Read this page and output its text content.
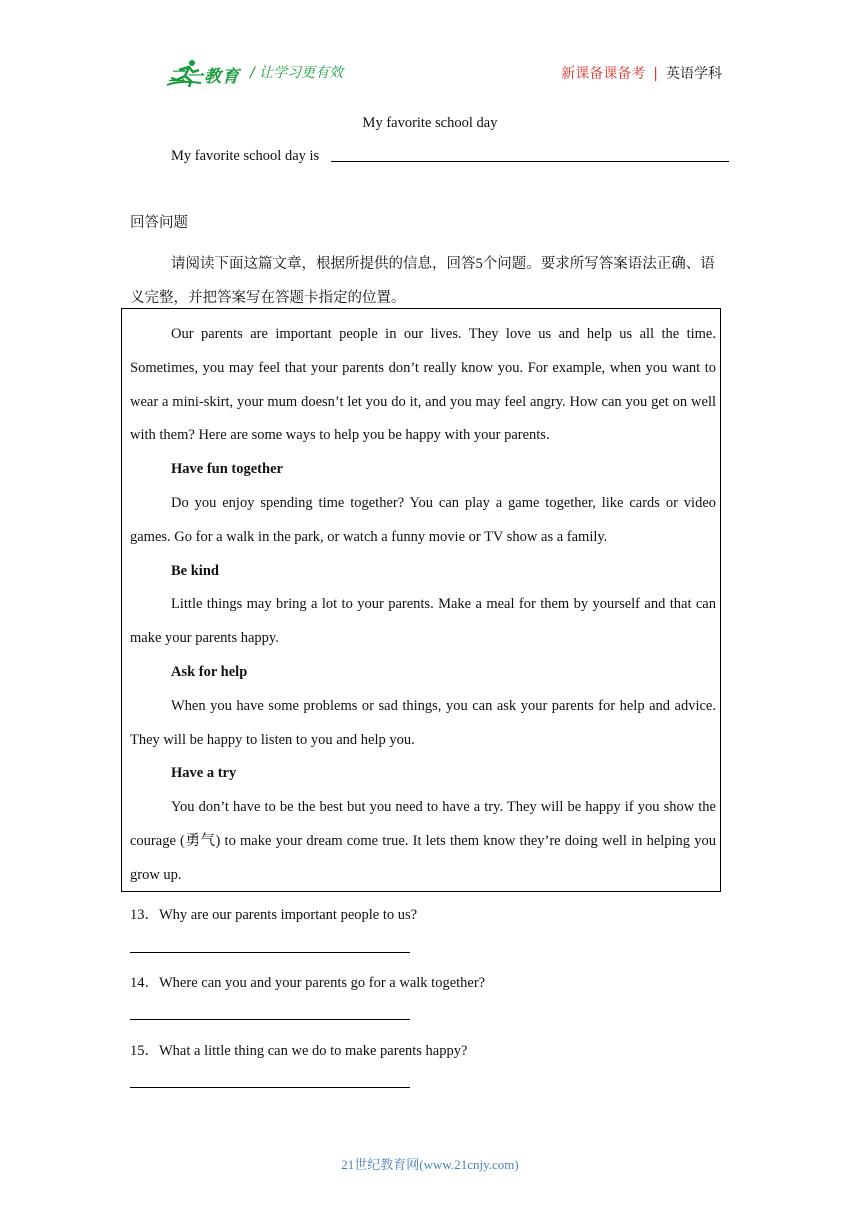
二一教育 / 让学习更有效	新课备课备考 | 英语学科
My favorite school day
My favorite school day is
回答问题
请阅读下面这篇文章，根据所提供的信息，回答5个问题。要求所写答案语法正确、语义完整，并把答案写在答题卡指定的位置。

Our parents are important people in our lives. They love us and help us all the time. Sometimes, you may feel that your parents don’t really know you. For example, when you want to wear a mini-skirt, your mum doesn’t let you do it, and you may feel angry. How can you get on well with them? Here are some ways to help you be happy with your parents.

Have fun together

Do you enjoy spending time together? You can play a game together, like cards or video games. Go for a walk in the park, or watch a funny movie or TV show as a family.

Be kind

Little things may bring a lot to your parents. Make a meal for them by yourself and that can make your parents happy.

Ask for help

When you have some problems or sad things, you can ask your parents for help and advice. They will be happy to listen to you and help you.

Have a try

You don’t have to be the best but you need to have a try. They will be happy if you show the courage (勇气) to make your dream come true. It lets them know they’re doing well in helping you grow up.

13．Why are our parents important people to us?
14．Where can you and your parents go for a walk together?
15．What a little thing can we do to make parents happy?
21世纪教育网(www.21cnjy.com)
